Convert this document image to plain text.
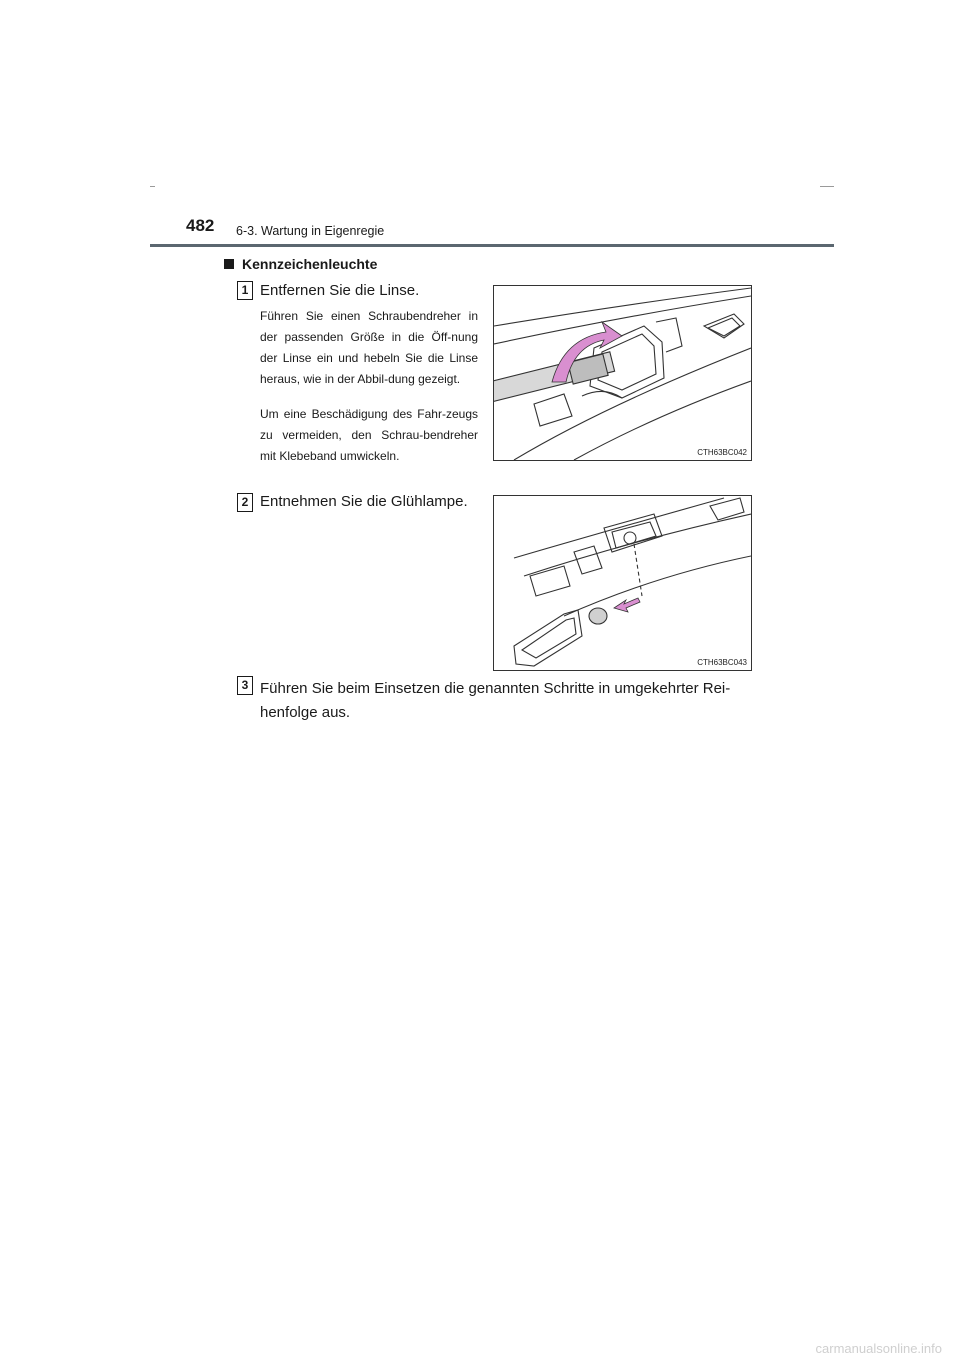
482 6-3. Wartung in Eigenregie
Kennzeichenleuchte
1 Entfernen Sie die Linse.
Führen Sie einen Schraubendreher in der passenden Größe in die Öff-nung der Linse ein und hebeln Sie die Linse heraus, wie in der Abbil-dung gezeigt.
Um eine Beschädigung des Fahr-zeugs zu vermeiden, den Schrau-bendreher mit Klebeband umwickeln.	CTH63BC042
2 Entnehmen Sie die Glühlampe.
CTH63BC043
3 Führen Sie beim Einsetzen die genannten Schritte in umgekehrter Rei-henfolge aus.
carmanualsonline.info
